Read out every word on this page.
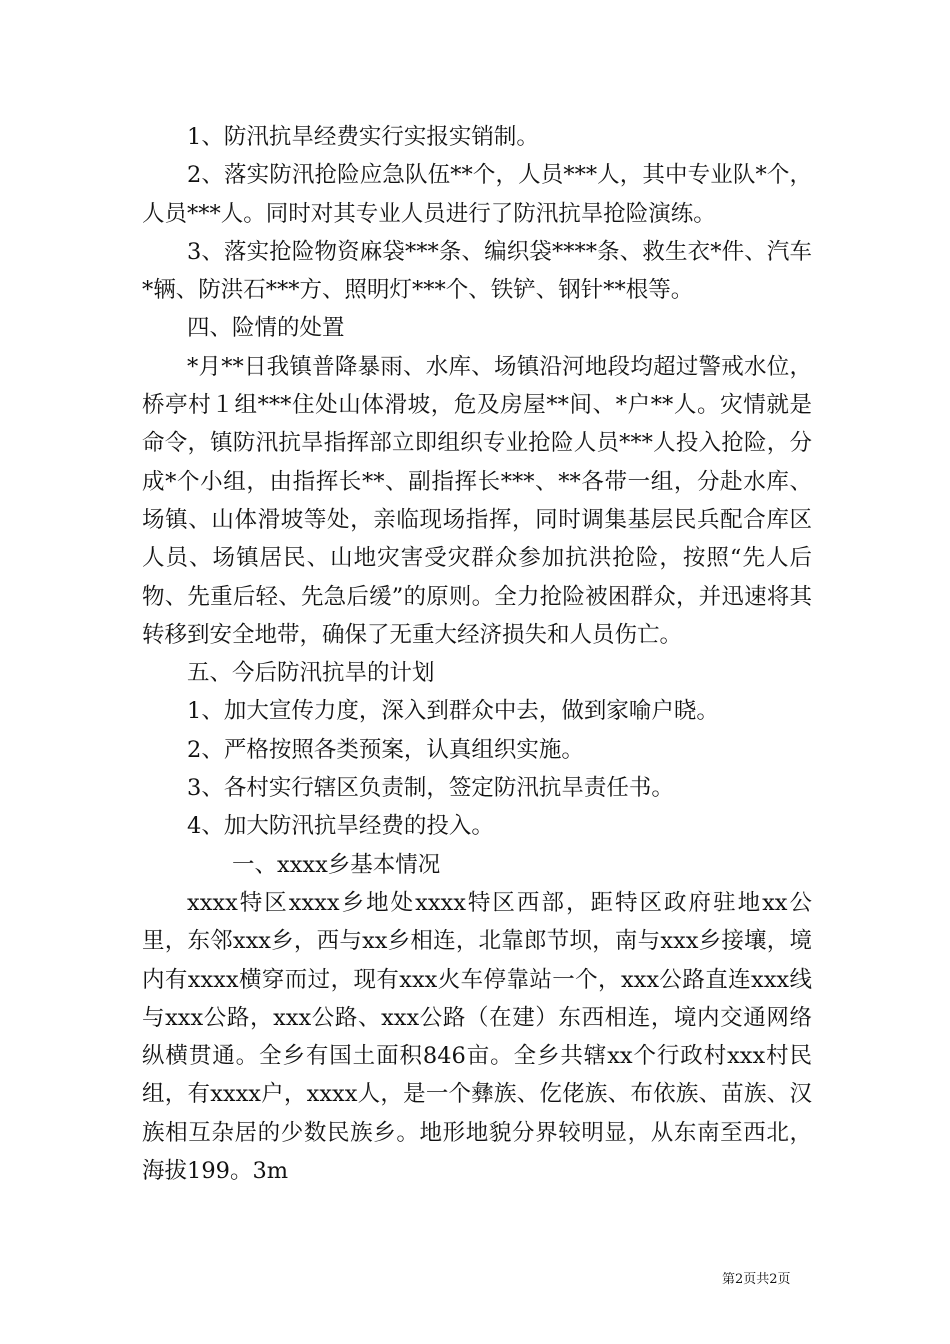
1、防汛抗旱经费实行实报实销制。

2、落实防汛抢险应急队伍**个，人员***人，其中专业队*个，人员***人。同时对其专业人员进行了防汛抗旱抢险演练。

3、落实抢险物资麻袋***条、编织袋****条、救生衣*件、汽车*辆、防洪石***方、照明灯***个、铁铲、钢针**根等。

四、险情的处置

*月**日我镇普降暴雨、水库、场镇沿河地段均超过警戒水位，桥亭村１组***住处山体滑坡，危及房屋**间、*户**人。灾情就是命令，镇防汛抗旱指挥部立即组织专业抢险人员***人投入抢险，分成*个小组，由指挥长**、副指挥长***、**各带一组，分赴水库、场镇、山体滑坡等处，亲临现场指挥，同时调集基层民兵配合库区人员、场镇居民、山地灾害受灾群众参加抗洪抢险，按照“先人后物、先重后轻、先急后缓”的原则。全力抢险被困群众，并迅速将其转移到安全地带，确保了无重大经济损失和人员伤亡。

五、今后防汛抗旱的计划

1、加大宣传力度，深入到群众中去，做到家喻户晓。

2、严格按照各类预案，认真组织实施。

3、各村实行辖区负责制，签定防汛抗旱责任书。

4、加大防汛抗旱经费的投入。

一、xxxx乡基本情况

xxxx特区xxxx乡地处xxxx特区西部，距特区政府驻地xx公里，东邻xxx乡，西与xx乡相连，北靠郎节坝，南与xxx乡接壤，境内有xxxx横穿而过，现有xxx火车停靠站一个，xxx公路直连xxx线与xxx公路，xxx公路、xxx公路（在建）东西相连，境内交通网络纵横贯通。全乡有国土面积846亩。全乡共辖xx个行政村xxx村民组，有xxxx户，xxxx人，是一个彝族、仡佬族、布依族、苗族、汉族相互杂居的少数民族乡。地形地貌分界较明显，从东南至西北，海拔199。3m

第2页共2页
